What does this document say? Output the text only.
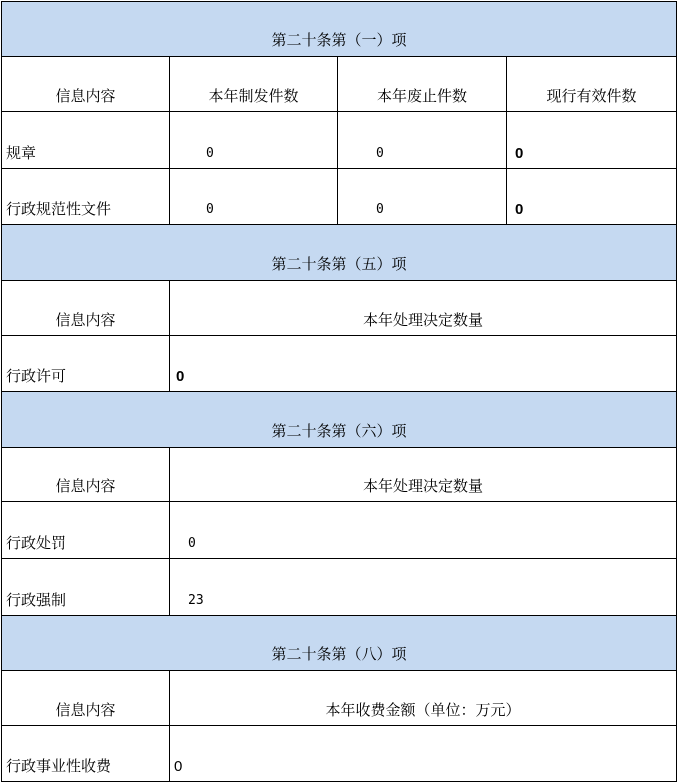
第二十条第（一）项			
信息内容	本年制发件数	本年废止件数	现行有效件数
规章	0	0	0
行政规范性文件	0	0	0
第二十条第（五）项			
信息内容	本年处理决定数量		
行政许可	0		
第二十条第（六）项			
信息内容	本年处理决定数量		
行政处罚	0		
行政强制	23		
第二十条第（八）项			
信息内容	本年收费金额（单位：万元）		
行政事业性收费	0		
